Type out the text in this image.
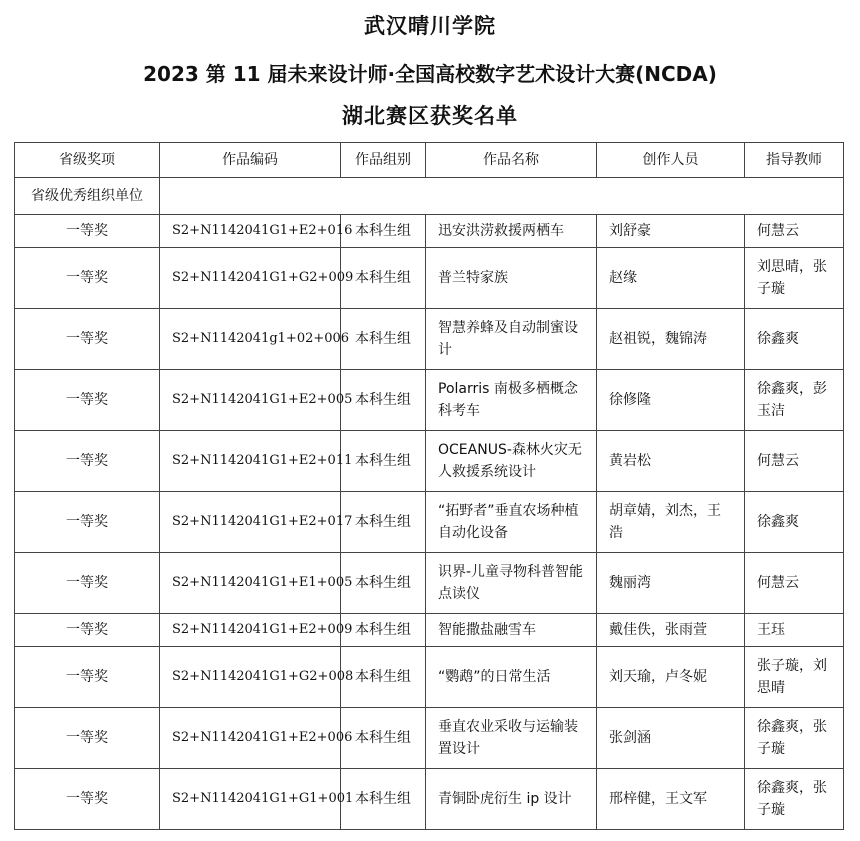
武汉晴川学院
2023 第 11 届未来设计师·全国高校数字艺术设计大赛(NCDA)
湖北赛区获奖名单
省级奖项	作品编码	作品组别	作品名称	创作人员	指导教师
省级优秀组织单位					
一等奖	S2+N1142041G1+E2+016	本科生组	迅安洪涝救援两栖车	刘舒豪	何慧云
一等奖	S2+N1142041G1+G2+009	本科生组	普兰特家族	赵缘	刘思晴，张子璇
一等奖	S2+N1142041g1+02+006	本科生组	智慧养蜂及自动制蜜设计	赵祖锐，魏锦涛	徐鑫爽
一等奖	S2+N1142041G1+E2+005	本科生组	Polarris 南极多栖概念科考车	徐修隆	徐鑫爽，彭玉洁
一等奖	S2+N1142041G1+E2+011	本科生组	OCEANUS-森林火灾无人救援系统设计	黄岩松	何慧云
一等奖	S2+N1142041G1+E2+017	本科生组	“拓野者”垂直农场种植自动化设备	胡章婧，刘杰，王浩	徐鑫爽
一等奖	S2+N1142041G1+E1+005	本科生组	识界-儿童寻物科普智能点读仪	魏丽湾	何慧云
一等奖	S2+N1142041G1+E2+009	本科生组	智能撒盐融雪车	戴佳佚，张雨萱	王珏
一等奖	S2+N1142041G1+G2+008	本科生组	“鹦鹉”的日常生活	刘天瑜，卢冬妮	张子璇，刘思晴
一等奖	S2+N1142041G1+E2+006	本科生组	垂直农业采收与运输装置设计	张剑涵	徐鑫爽，张子璇
一等奖	S2+N1142041G1+G1+001	本科生组	青铜卧虎衍生 ip 设计	邢梓健，王文军	徐鑫爽，张子璇
